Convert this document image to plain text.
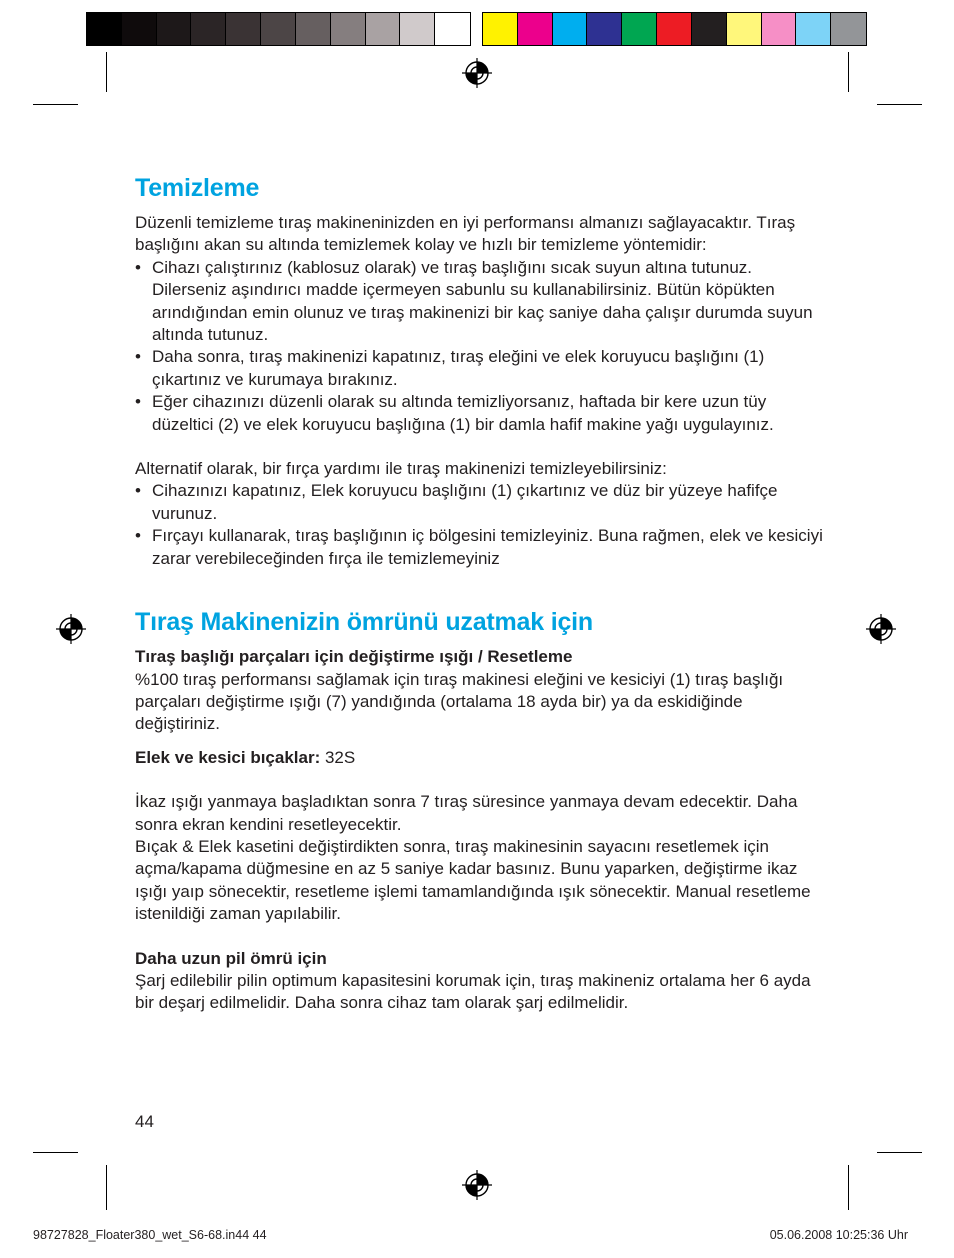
Temizleme

Düzenli temizleme tıraş makineninizden en iyi performansı almanızı sağlayacaktır. Tıraş başlığını akan su altında temizlemek kolay ve hızlı bir temizleme yöntemidir:

• Cihazı çalıştırınız (kablosuz olarak) ve tıraş başlığını sıcak suyun altına tutunuz. Dilerseniz aşındırıcı madde içermeyen sabunlu su kullanabilirsiniz. Bütün köpükten arındığından emin olunuz ve tıraş makinenizi bir kaç saniye daha çalışır durumda suyun altında tutunuz.
• Daha sonra, tıraş makinenizi kapatınız, tıraş eleğini ve elek koruyucu başlığını (1) çıkartınız ve kurumaya bırakınız.
• Eğer cihazınızı düzenli olarak su altında temizliyorsanız, haftada bir kere uzun tüy düzeltici (2) ve elek koruyucu başlığına (1) bir damla hafif makine yağı uygulayınız.

Alternatif olarak, bir fırça yardımı ile tıraş makinenizi temizleyebilirsiniz:

• Cihazınızı kapatınız, Elek koruyucu başlığını (1) çıkartınız ve düz bir yüzeye hafifçe vurunuz.
• Fırçayı kullanarak, tıraş başlığının iç bölgesini temizleyiniz. Buna rağmen, elek ve kesiciyi zarar verebileceğinden fırça ile temizlemeyiniz
Tıraş Makinenizin ömrünü uzatmak için

Tıraş başlığı parçaları için değiştirme ışığı / Resetleme

%100 tıraş performansı sağlamak için tıraş makinesi eleğini ve kesiciyi (1) tıraş başlığı parçaları değiştirme ışığı (7) yandığında (ortalama 18 ayda bir) ya da eskidiğinde değiştiriniz.

Elek ve kesici bıçaklar: 32S

İkaz ışığı yanmaya başladıktan sonra 7 tıraş süresince yanmaya devam edecektir. Daha sonra ekran kendini resetleyecektir.

Bıçak & Elek kasetini değiştirdikten sonra, tıraş makinesinin sayacını resetlemek için açma/kapama düğmesine en az 5 saniye kadar basınız. Bunu yaparken, değiştirme ikaz ışığı yaıp sönecektir, resetleme işlemi tamamlandığında ışık sönecektir. Manual resetleme istenildiği zaman yapılabilir.

Daha uzun pil ömrü için

Şarj edilebilir pilin optimum kapasitesini korumak için, tıraş makineniz ortalama her 6 ayda bir deşarj edilmelidir. Daha sonra cihaz tam olarak şarj edilmelidir.

44
98727828_Floater380_wet_S6-68.in44 44	05.06.2008 10:25:36 Uhr
